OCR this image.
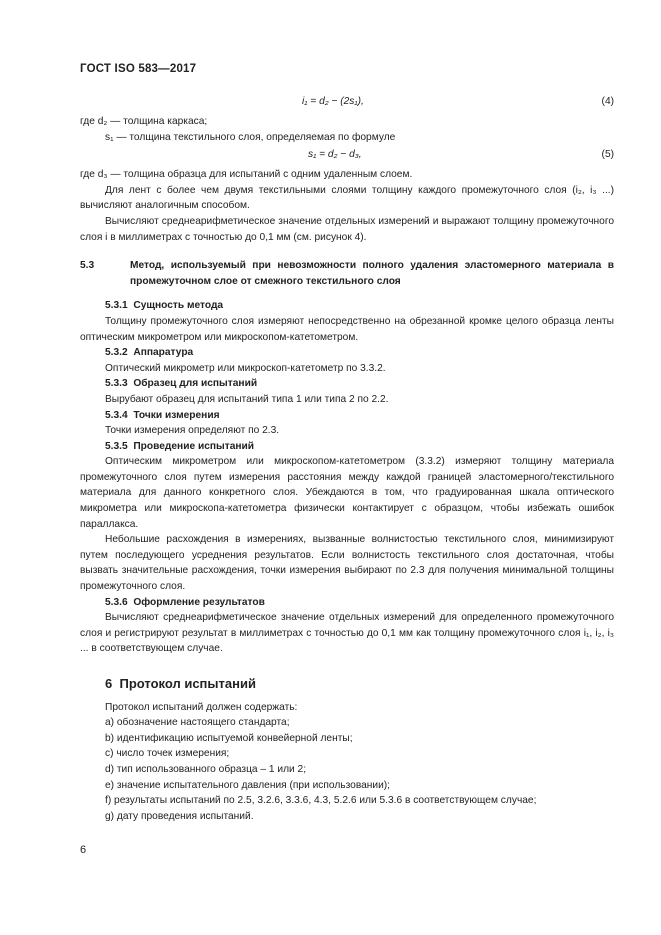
ГОСТ ISO 583—2017
i₁ = d₂ − (2s₁),	(4)

где d₂ — толщина каркаса;

s₁ — толщина текстильного слоя, определяемая по формуле

s₁ = d₂ − d₃,	(5)

где d₃ — толщина образца для испытаний с одним удаленным слоем.

Для лент с более чем двумя текстильными слоями толщину каждого промежуточного слоя (i₂, i₃ ...) вычисляют аналогичным способом.

Вычисляют среднеарифметическое значение отдельных измерений и выражают толщину промежуточного слоя i в миллиметрах с точностью до 0,1 мм (см. рисунок 4).

5.3	Метод, используемый при невозможности полного удаления эластомерного материала в промежуточном слое от смежного текстильного слоя

5.3.1 Сущность метода

Толщину промежуточного слоя измеряют непосредственно на обрезанной кромке целого образца ленты оптическим микрометром или микроскопом-катетометром.

5.3.2 Аппаратура

Оптический микрометр или микроскоп-катетометр по 3.3.2.

5.3.3 Образец для испытаний

Вырубают образец для испытаний типа 1 или типа 2 по 2.2.

5.3.4 Точки измерения

Точки измерения определяют по 2.3.

5.3.5 Проведение испытаний

Оптическим микрометром или микроскопом-катетометром (3.3.2) измеряют толщину материала промежуточного слоя путем измерения расстояния между каждой границей эластомерного/текстильного материала для данного конкретного слоя. Убеждаются в том, что градуированная шкала оптического микрометра или микроскопа-катетометра физически контактирует с образцом, чтобы избежать ошибок параллакса.

Небольшие расхождения в измерениях, вызванные волнистостью текстильного слоя, минимизируют путем последующего усреднения результатов. Если волнистость текстильного слоя достаточная, чтобы вызвать значительные расхождения, точки измерения выбирают по 2.3 для получения минимальной толщины промежуточного слоя.

5.3.6 Оформление результатов

Вычисляют среднеарифметическое значение отдельных измерений для определенного промежуточного слоя и регистрируют результат в миллиметрах с точностью до 0,1 мм как толщину промежуточного слоя i₁, i₂, i₃ ... в соответствующем случае.

6 Протокол испытаний

Протокол испытаний должен содержать:

a) обозначение настоящего стандарта;

b) идентификацию испытуемой конвейерной ленты;

c) число точек измерения;

d) тип использованного образца – 1 или 2;

e) значение испытательного давления (при использовании);

f) результаты испытаний по 2.5, 3.2.6, 3.3.6, 4.3, 5.2.6 или 5.3.6 в соответствующем случае;

g) дату проведения испытаний.

6
